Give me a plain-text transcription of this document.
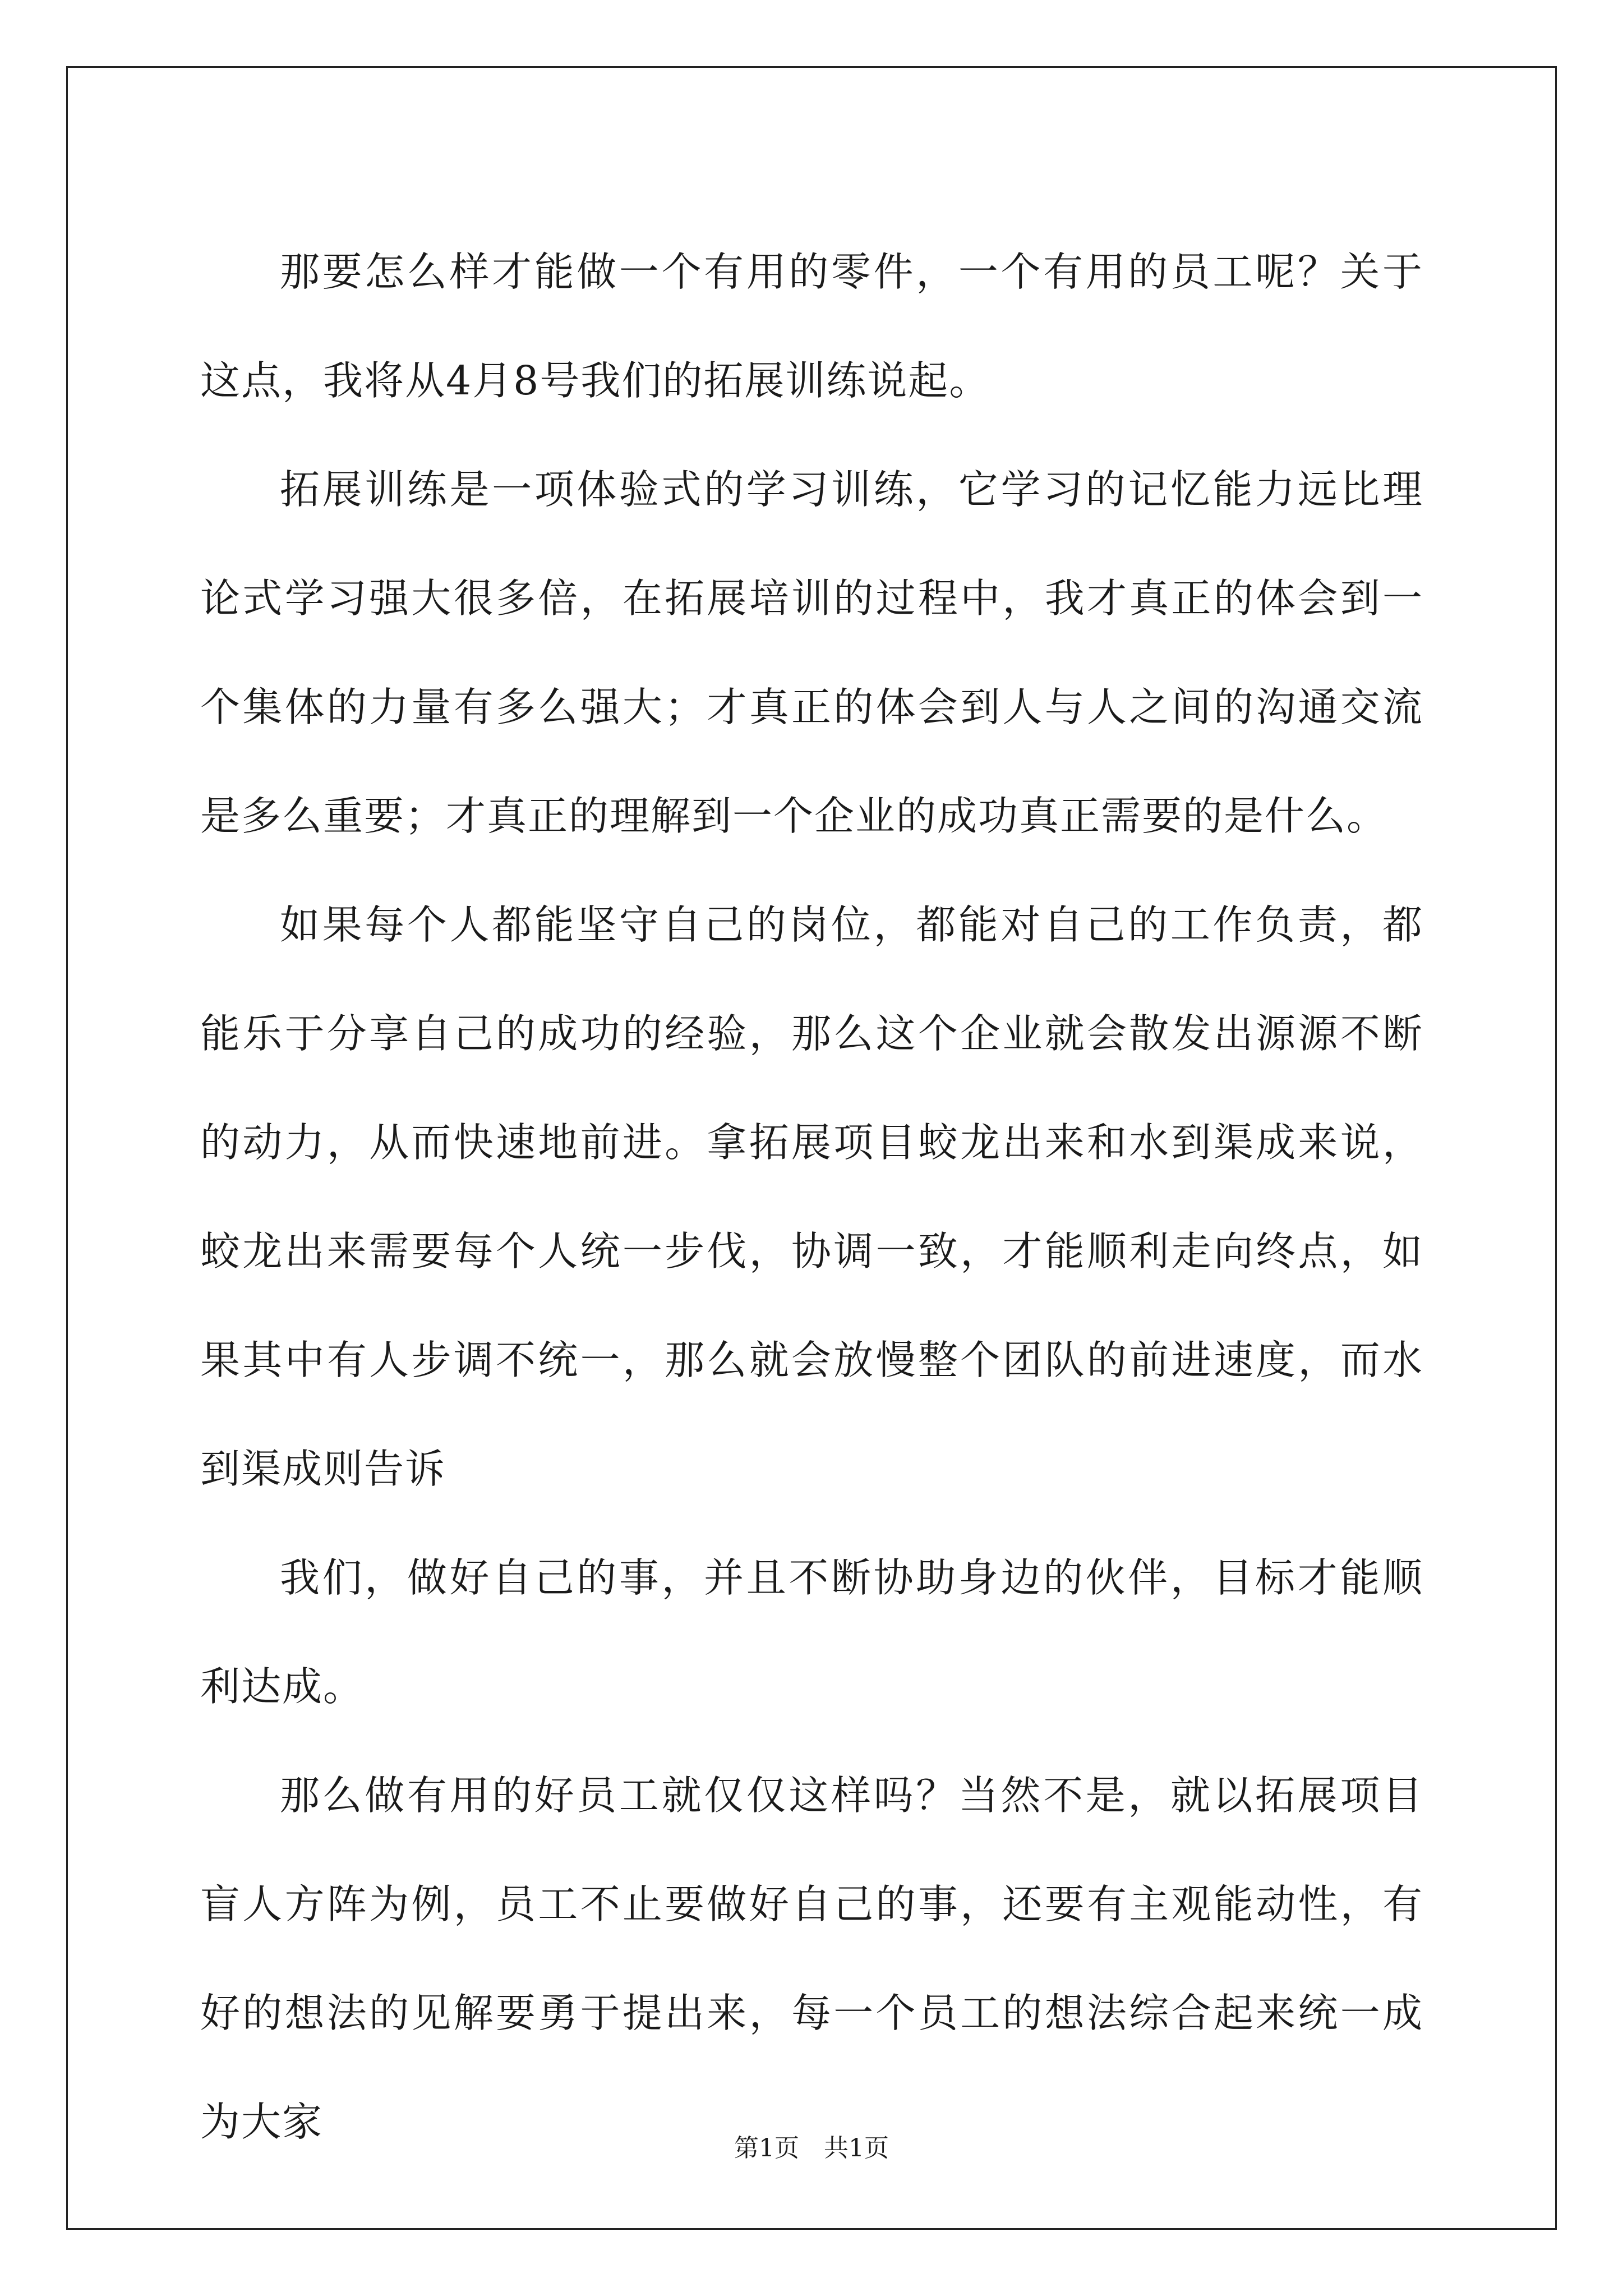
那要怎么样才能做一个有用的零件，一个有用的员工呢？关于这点，我将从4月8号我们的拓展训练说起。

拓展训练是一项体验式的学习训练，它学习的记忆能力远比理论式学习强大很多倍，在拓展培训的过程中，我才真正的体会到一个集体的力量有多么强大；才真正的体会到人与人之间的沟通交流是多么重要；才真正的理解到一个企业的成功真正需要的是什么。

如果每个人都能坚守自己的岗位，都能对自己的工作负责，都能乐于分享自己的成功的经验，那么这个企业就会散发出源源不断的动力，从而快速地前进。拿拓展项目蛟龙出来和水到渠成来说，蛟龙出来需要每个人统一步伐，协调一致，才能顺利走向终点，如果其中有人步调不统一，那么就会放慢整个团队的前进速度，而水到渠成则告诉

我们，做好自己的事，并且不断协助身边的伙伴，目标才能顺利达成。

那么做有用的好员工就仅仅这样吗？当然不是，就以拓展项目盲人方阵为例，员工不止要做好自己的事，还要有主观能动性，有好的想法的见解要勇于提出来，每一个员工的想法综合起来统一成为大家

第1页　共1页
